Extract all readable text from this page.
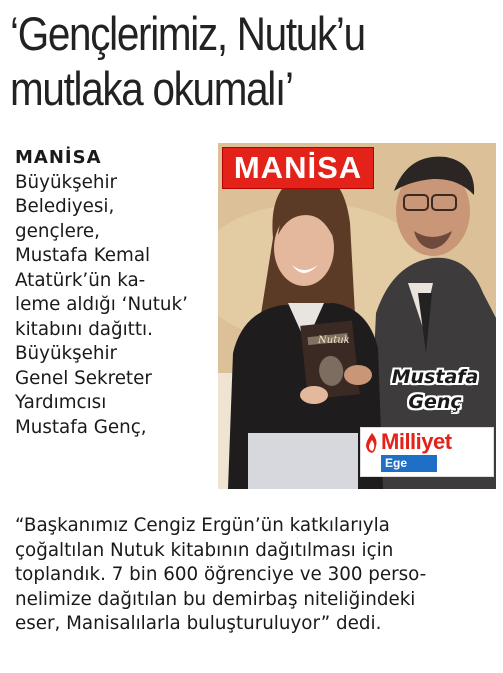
‘Gençlerimiz, Nutuk’u
mutlaka okumalı’
MANİSA
Büyükşehir
Belediyesi,
gençlere,
Mustafa Kemal
Atatürk’ün ka-
leme aldığı ‘Nutuk’
kitabını dağıttı.
Büyükşehir
Genel Sekreter
Yardımcısı
Mustafa Genç,
Nutuk
MANİSA
Mustafa
Genç
Milliyet
Ege
“Başkanımız Cengiz Ergün’ün katkılarıyla
çoğaltılan Nutuk kitabının dağıtılması için
toplandık. 7 bin 600 öğrenciye ve 300 perso-
nelimize dağıtılan bu demirbaş niteliğindeki
eser, Manisalılarla buluşturuluyor” dedi.
